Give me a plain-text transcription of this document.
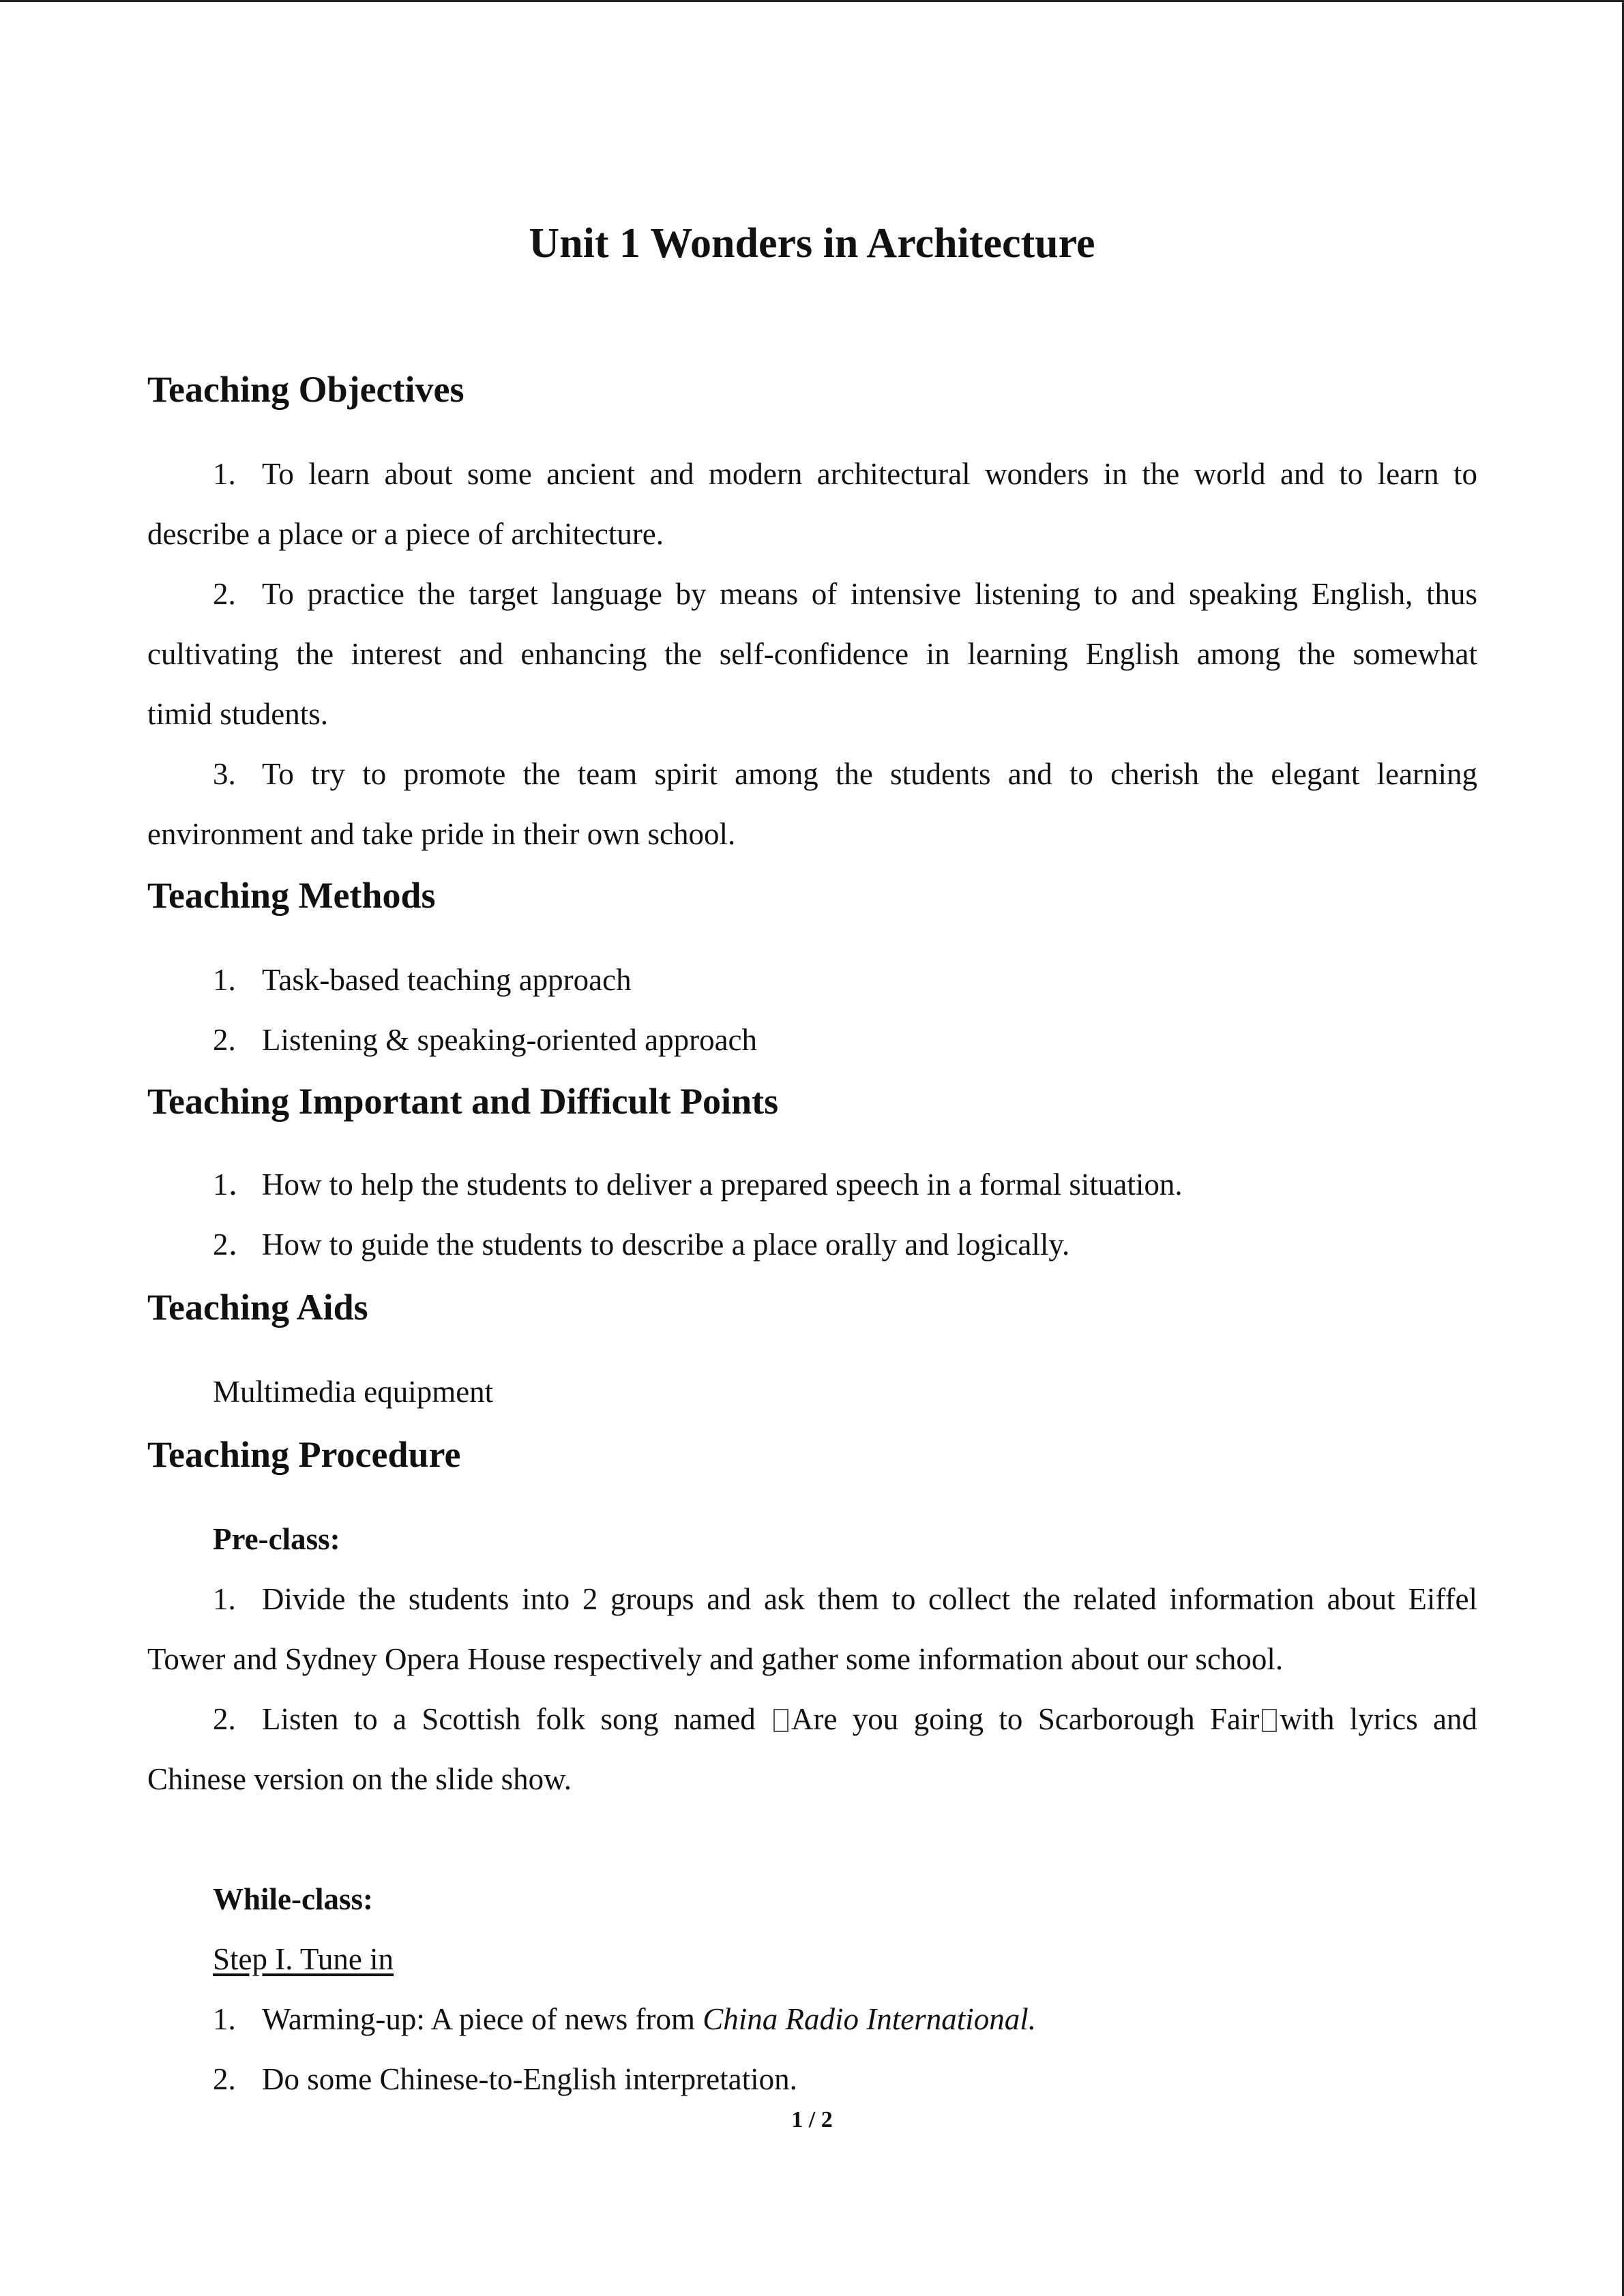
Unit 1 Wonders in Architecture
Teaching Objectives
1. To learn about some ancient and modern architectural wonders in the world and to learn to
describe a place or a piece of architecture.
2. To practice the target language by means of intensive listening to and speaking English, thus
cultivating the interest and enhancing the self-confidence in learning English among the somewhat
timid students.
3. To try to promote the team spirit among the students and to cherish the elegant learning
environment and take pride in their own school.
Teaching Methods
1. Task-based teaching approach
2. Listening & speaking-oriented approach
Teaching Important and Difficult Points
1． How to help the students to deliver a prepared speech in a formal situation.
2． How to guide the students to describe a place orally and logically.
Teaching Aids
Multimedia equipment
Teaching Procedure
Pre-class:
1. Divide the students into 2 groups and ask them to collect the related information about Eiffel
Tower and Sydney Opera House respectively and gather some information about our school.
2. Listen to a Scottish folk song named Are you going to Scarborough Fair with lyrics and
Chinese version on the slide show.
While-class:
Step I. Tune in
1. Warming-up: A piece of news from China Radio International.
2. Do some Chinese-to-English interpretation.
1 / 2
